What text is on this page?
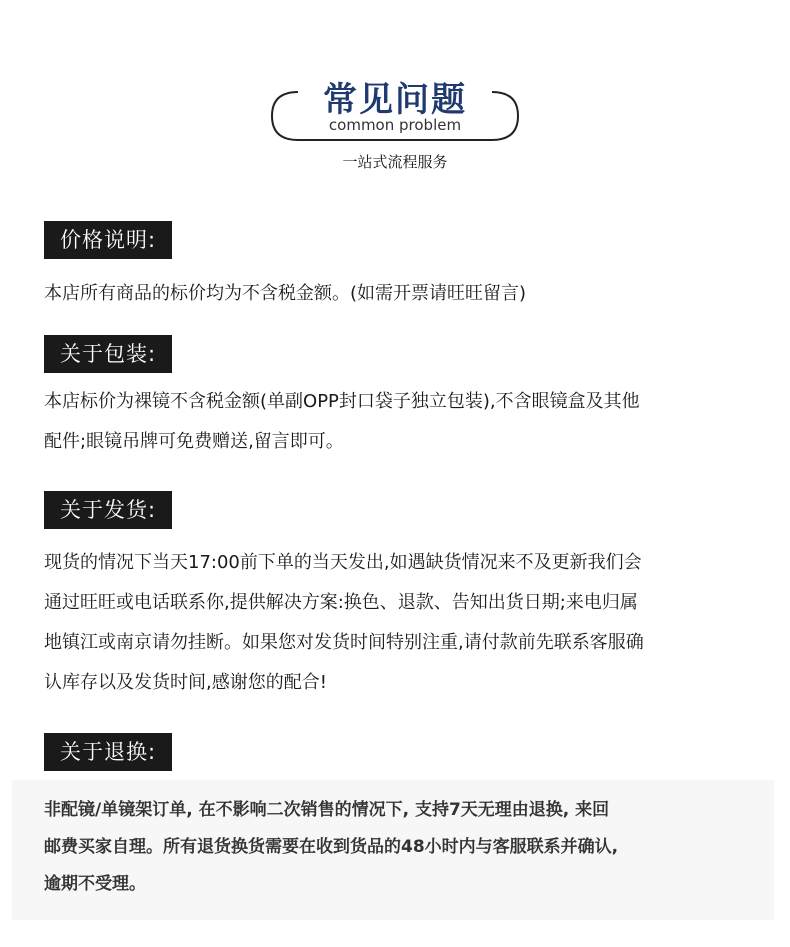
常见问题
common problem
一站式流程服务
价格说明:

本店所有商品的标价均为不含税金额。(如需开票请旺旺留言)

关于包装:

本店标价为裸镜不含税金额(单副OPP封口袋子独立包装),不含眼镜盒及其他

配件;眼镜吊牌可免费赠送,留言即可。

关于发货:

现货的情况下当天17:00前下单的当天发出,如遇缺货情况来不及更新我们会

通过旺旺或电话联系你,提供解决方案:换色、退款、告知出货日期;来电归属

地镇江或南京请勿挂断。如果您对发货时间特别注重,请付款前先联系客服确

认库存以及发货时间,感谢您的配合!

关于退换:

非配镜/单镜架订单, 在不影响二次销售的情况下, 支持7天无理由退换, 来回

邮费买家自理。所有退货换货需要在收到货品的48小时内与客服联系并确认,

逾期不受理。
